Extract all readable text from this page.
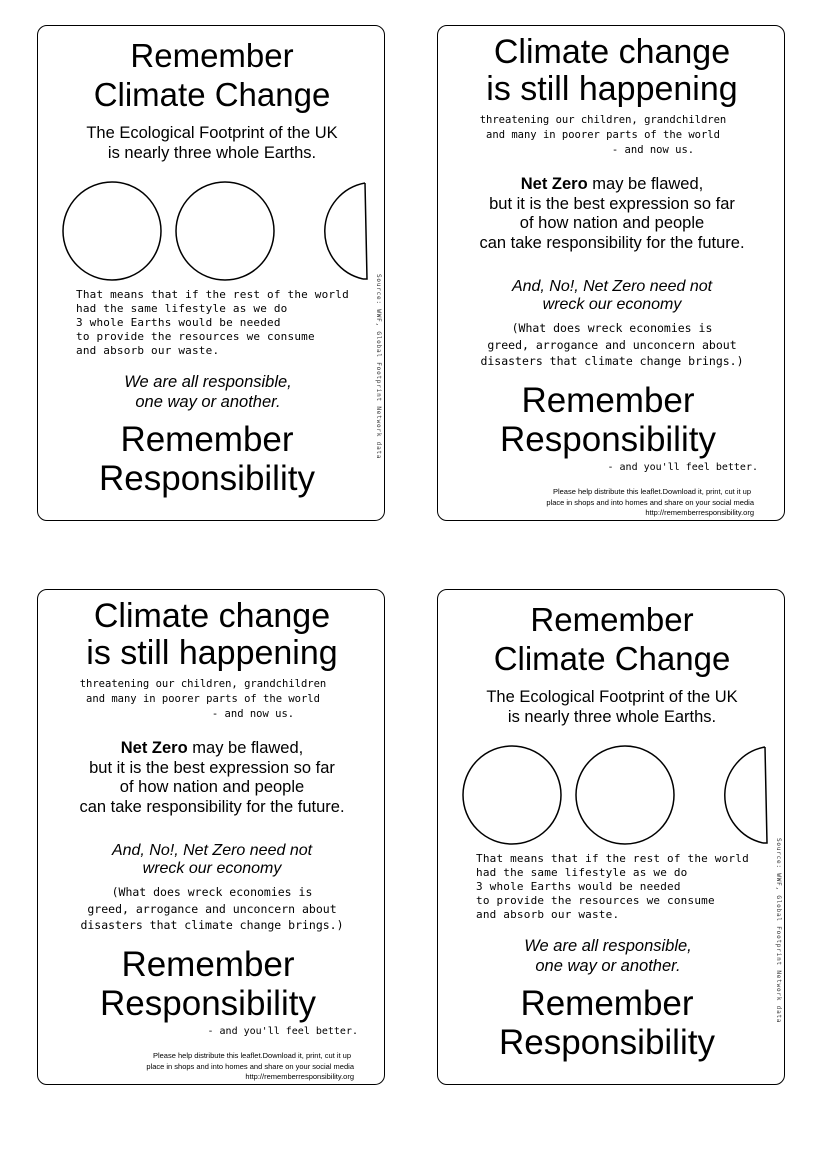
Remember
Climate Change
The Ecological Footprint of the UK
is nearly three whole Earths.
That means that if the rest of the world
had the same lifestyle as we do
3 whole Earths would be needed
to provide the resources we consume
and absorb our waste.
We are all responsible,
one way or another.
Remember
Responsibility
Source: WWF, Global Footprint Network data
Climate change
is still happening
threatening our children, grandchildren
and many in poorer parts of the world
- and now us.
Net Zero may be flawed,
but it is the best expression so far
of how nation and people
can take responsibility for the future.
And, No!, Net Zero need not
wreck our economy
(What does wreck economies is
greed, arrogance and unconcern about
disasters that climate change brings.)
Remember
Responsibility
- and you'll feel better.
Please help distribute this leaflet.Download it, print, cut it up
place in shops and into homes and share on your social media
http://rememberresponsibility.org
Climate change
is still happening
threatening our children, grandchildren
and many in poorer parts of the world
- and now us.
Net Zero may be flawed,
but it is the best expression so far
of how nation and people
can take responsibility for the future.
And, No!, Net Zero need not
wreck our economy
(What does wreck economies is
greed, arrogance and unconcern about
disasters that climate change brings.)
Remember
Responsibility
- and you'll feel better.
Please help distribute this leaflet.Download it, print, cut it up
place in shops and into homes and share on your social media
http://rememberresponsibility.org
Remember
Climate Change
The Ecological Footprint of the UK
is nearly three whole Earths.
That means that if the rest of the world
had the same lifestyle as we do
3 whole Earths would be needed
to provide the resources we consume
and absorb our waste.
We are all responsible,
one way or another.
Remember
Responsibility
Source: WWF, Global Footprint Network data
